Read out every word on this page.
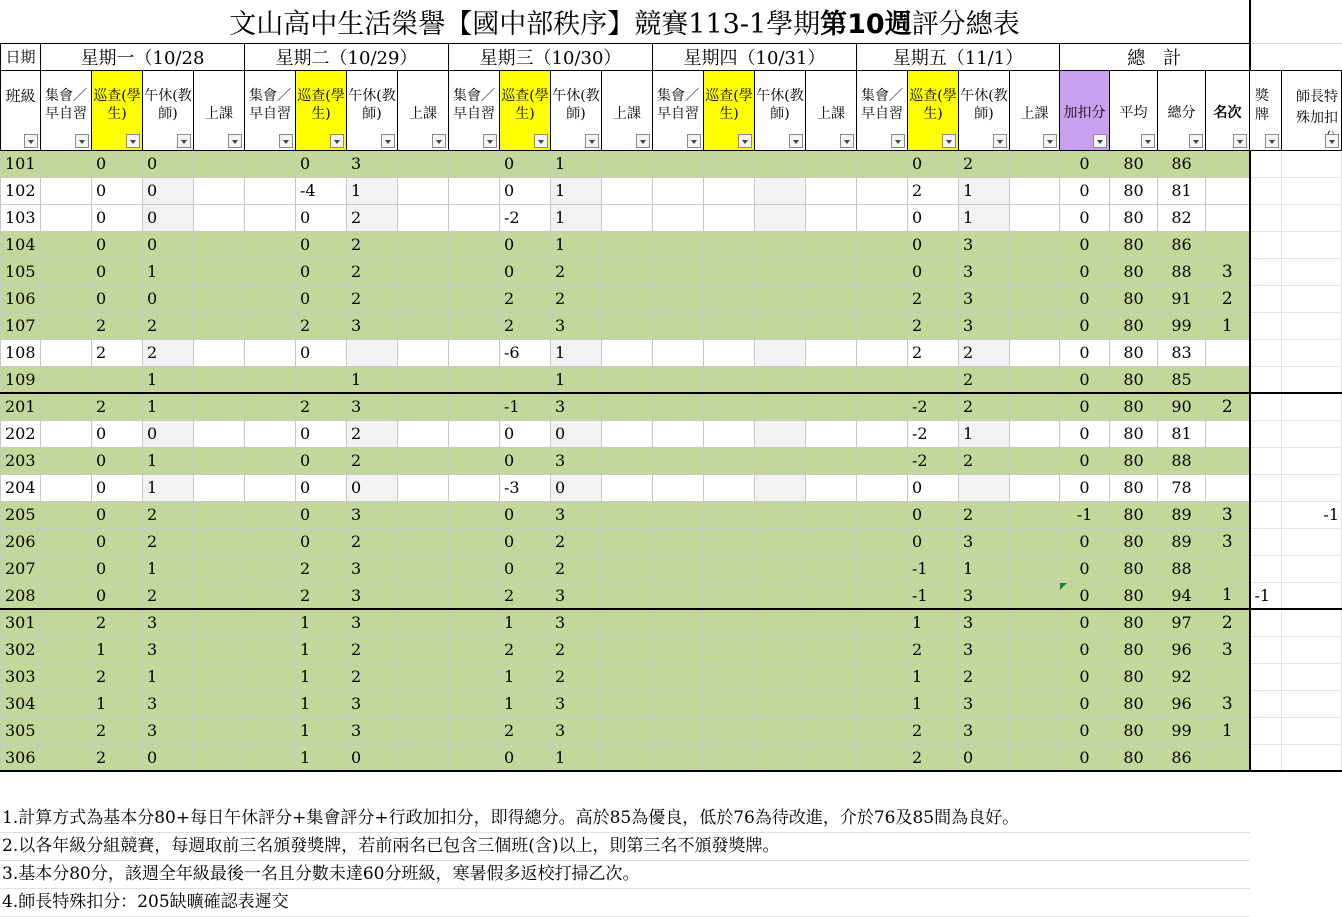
文山高中生活榮譽【國中部秩序】競賽113-1學期第10週評分總表																										
日期	星期一（10/28				星期二（10/29）				星期三（10/30）				星期四（10/31）				星期五（11/1）				總　計					
班級	集會／早自習	巡查(學生)	午休(教師)	上課	集會／早自習	巡查(學生)	午休(教師)	上課	集會／早自習	巡查(學生)	午休(教師)	上課	集會／早自習	巡查(學生)	午休(教師)	上課	集會／早自習	巡查(學生)	午休(教師)	上課	加扣分	平均	總分	名次	獎牌	師長特殊加扣

101		0	0			0	3			0	1							0	2		0	80	86			
102		0	0			-4	1			0	1							2	1		0	80	81			
103		0	0			0	2			-2	1							0	1		0	80	82			
104		0	0			0	2			0	1							0	3		0	80	86			
105		0	1			0	2			0	2							0	3		0	80	88	3		
106		0	0			0	2			2	2							2	3		0	80	91	2		
107		2	2			2	3			2	3							2	3		0	80	99	1		
108		2	2			0				-6	1							2	2		0	80	83			
109			1				1				1								2		0	80	85			
201		2	1			2	3			-1	3							-2	2		0	80	90	2		
202		0	0			0	2			0	0							-2	1		0	80	81			
203		0	1			0	2			0	3							-2	2		0	80	88			
204		0	1			0	0			-3	0							0			0	80	78			
205		0	2			0	3			0	3							0	2		-1	80	89	3		-1
206		0	2			0	2			0	2							0	3		0	80	89	3		
207		0	1			2	3			0	2							-1	1		0	80	88			
208		0	2			2	3			2	3							-1	3		0	80	94	1	-1	
301		2	3			1	3			1	3							1	3		0	80	97	2		
302		1	3			1	2			2	2							2	3		0	80	96	3		
303		2	1			1	2			1	2							1	2		0	80	92			
304		1	3			1	3			1	3							1	3		0	80	96	3		
305		2	3			1	3			2	3							2	3		0	80	99	1		
306		2	0			1	0			0	1							2	0		0	80	86			
1.計算方式為基本分80+每日午休評分+集會評分+行政加扣分，即得總分。高於85為優良，低於76為待改進，介於76及85間為良好。
2.以各年級分組競賽，每週取前三名頒發獎牌，若前兩名已包含三個班(含)以上，則第三名不頒發獎牌。
3.基本分80分，該週全年級最後一名且分數未達60分班級，寒暑假多返校打掃乙次。
4.師長特殊扣分：205缺曠確認表遲交
